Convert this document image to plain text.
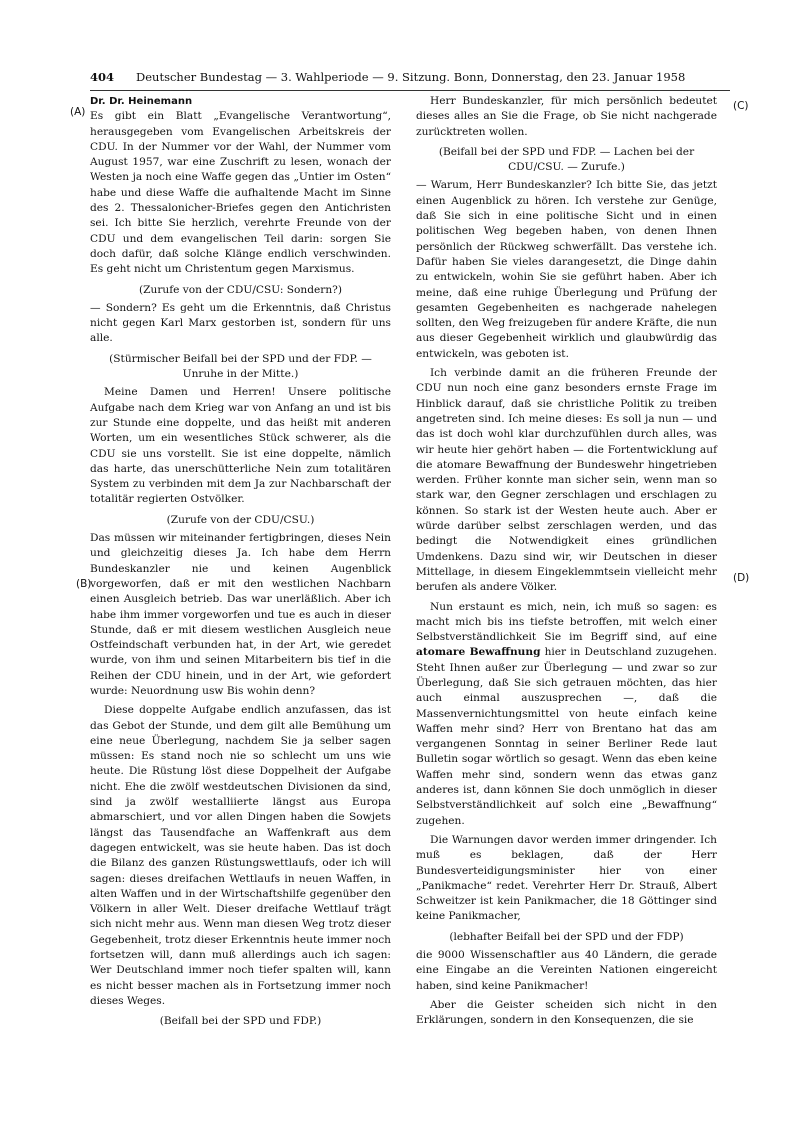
404 Deutscher Bundestag — 3. Wahlperiode — 9. Sitzung. Bonn, Donnerstag, den 23. Januar 1958
(A)
(B)
(C)
(D)
Dr. Dr. Heinemann

Es gibt ein Blatt „Evangelische Verantwortung“, herausgegeben vom Evangelischen Arbeitskreis der CDU. In der Nummer vor der Wahl, der Nummer vom August 1957, war eine Zuschrift zu lesen, wonach der Westen ja noch eine Waffe gegen das „Untier im Osten“ habe und diese Waffe die aufhaltende Macht im Sinne des 2. Thessalonicher-Briefes gegen den Antichristen sei. Ich bitte Sie herzlich, verehrte Freunde von der CDU und dem evangelischen Teil darin: sorgen Sie doch dafür, daß solche Klänge endlich verschwinden. Es geht nicht um Christentum gegen Marxismus.

(Zurufe von der CDU/CSU: Sondern?)

— Sondern? Es geht um die Erkenntnis, daß Christus nicht gegen Karl Marx gestorben ist, sondern für uns alle.

(Stürmischer Beifall bei der SPD und der FDP. — Unruhe in der Mitte.)

Meine Damen und Herren! Unsere politische Aufgabe nach dem Krieg war von Anfang an und ist bis zur Stunde eine doppelte, und das heißt mit anderen Worten, um ein wesentliches Stück schwerer, als die CDU sie uns vorstellt. Sie ist eine doppelte, nämlich das harte, das unerschütterliche Nein zum totalitären System zu verbinden mit dem Ja zur Nachbarschaft der totalitär regierten Ostvölker.

(Zurufe von der CDU/CSU.)

Das müssen wir miteinander fertigbringen, dieses Nein und gleichzeitig dieses Ja. Ich habe dem Herrn Bundeskanzler nie und keinen Augenblick vorgeworfen, daß er mit den westlichen Nachbarn einen Ausgleich betrieb. Das war unerläßlich. Aber ich habe ihm immer vorgeworfen und tue es auch in dieser Stunde, daß er mit diesem westlichen Ausgleich neue Ostfeindschaft verbunden hat, in der Art, wie geredet wurde, von ihm und seinen Mitarbeitern bis tief in die Reihen der CDU hinein, und in der Art, wie gefordert wurde: Neuordnung usw Bis wohin denn?

Diese doppelte Aufgabe endlich anzufassen, das ist das Gebot der Stunde, und dem gilt alle Bemühung um eine neue Überlegung, nachdem Sie ja selber sagen müssen: Es stand noch nie so schlecht um uns wie heute. Die Rüstung löst diese Doppelheit der Aufgabe nicht. Ehe die zwölf westdeutschen Divisionen da sind, sind ja zwölf westalliierte längst aus Europa abmarschiert, und vor allen Dingen haben die Sowjets längst das Tausendfache an Waffenkraft aus dem dagegen entwickelt, was sie heute haben. Das ist doch die Bilanz des ganzen Rüstungswettlaufs, oder ich will sagen: dieses dreifachen Wettlaufs in neuen Waffen, in alten Waffen und in der Wirtschaftshilfe gegenüber den Völkern in aller Welt. Dieser dreifache Wettlauf trägt sich nicht mehr aus. Wenn man diesen Weg trotz dieser Gegebenheit, trotz dieser Erkenntnis heute immer noch fortsetzen will, dann muß allerdings auch ich sagen: Wer Deutschland immer noch tiefer spalten will, kann es nicht besser machen als in Fortsetzung immer noch dieses Weges.

(Beifall bei der SPD und FDP.)

Herr Bundeskanzler, für mich persönlich bedeutet dieses alles an Sie die Frage, ob Sie nicht nachgerade zurücktreten wollen.

(Beifall bei der SPD und FDP. — Lachen bei der CDU/CSU. — Zurufe.)

— Warum, Herr Bundeskanzler? Ich bitte Sie, das jetzt einen Augenblick zu hören. Ich verstehe zur Genüge, daß Sie sich in eine politische Sicht und in einen politischen Weg begeben haben, von denen Ihnen persönlich der Rückweg schwerfällt. Das verstehe ich. Dafür haben Sie vieles darangesetzt, die Dinge dahin zu entwickeln, wohin Sie sie geführt haben. Aber ich meine, daß eine ruhige Überlegung und Prüfung der gesamten Gegebenheiten es nachgerade nahelegen sollten, den Weg freizugeben für andere Kräfte, die nun aus dieser Gegebenheit wirklich und glaubwürdig das entwickeln, was geboten ist.

Ich verbinde damit an die früheren Freunde der CDU nun noch eine ganz besonders ernste Frage im Hinblick darauf, daß sie christliche Politik zu treiben angetreten sind. Ich meine dieses: Es soll ja nun — und das ist doch wohl klar durchzufühlen durch alles, was wir heute hier gehört haben — die Fortentwicklung auf die atomare Bewaffnung der Bundeswehr hingetrieben werden. Früher konnte man sicher sein, wenn man so stark war, den Gegner zerschlagen und erschlagen zu können. So stark ist der Westen heute auch. Aber er würde darüber selbst zerschlagen werden, und das bedingt die Notwendigkeit eines gründlichen Umdenkens. Dazu sind wir, wir Deutschen in dieser Mittellage, in diesem Eingeklemmtsein vielleicht mehr berufen als andere Völker.

Nun erstaunt es mich, nein, ich muß so sagen: es macht mich bis ins tiefste betroffen, mit welch einer Selbstverständlichkeit Sie im Begriff sind, auf eine atomare Bewaffnung hier in Deutschland zuzugehen. Steht Ihnen außer zur Überlegung — und zwar so zur Überlegung, daß Sie sich getrauen möchten, das hier auch einmal auszusprechen —, daß die Massenvernichtungsmittel von heute einfach keine Waffen mehr sind? Herr von Brentano hat das am vergangenen Sonntag in seiner Berliner Rede laut Bulletin sogar wörtlich so gesagt. Wenn das eben keine Waffen mehr sind, sondern wenn das etwas ganz anderes ist, dann können Sie doch unmöglich in dieser Selbstverständlichkeit auf solch eine „Bewaffnung“ zugehen.

Die Warnungen davor werden immer dringender. Ich muß es beklagen, daß der Herr Bundesverteidigungsminister hier von einer „Panikmache“ redet. Verehrter Herr Dr. Strauß, Albert Schweitzer ist kein Panikmacher, die 18 Göttinger sind keine Panikmacher,

(lebhafter Beifall bei der SPD und der FDP)

die 9000 Wissenschaftler aus 40 Ländern, die gerade eine Eingabe an die Vereinten Nationen eingereicht haben, sind keine Panikmacher!

Aber die Geister scheiden sich nicht in den Erklärungen, sondern in den Konsequenzen, die sie
